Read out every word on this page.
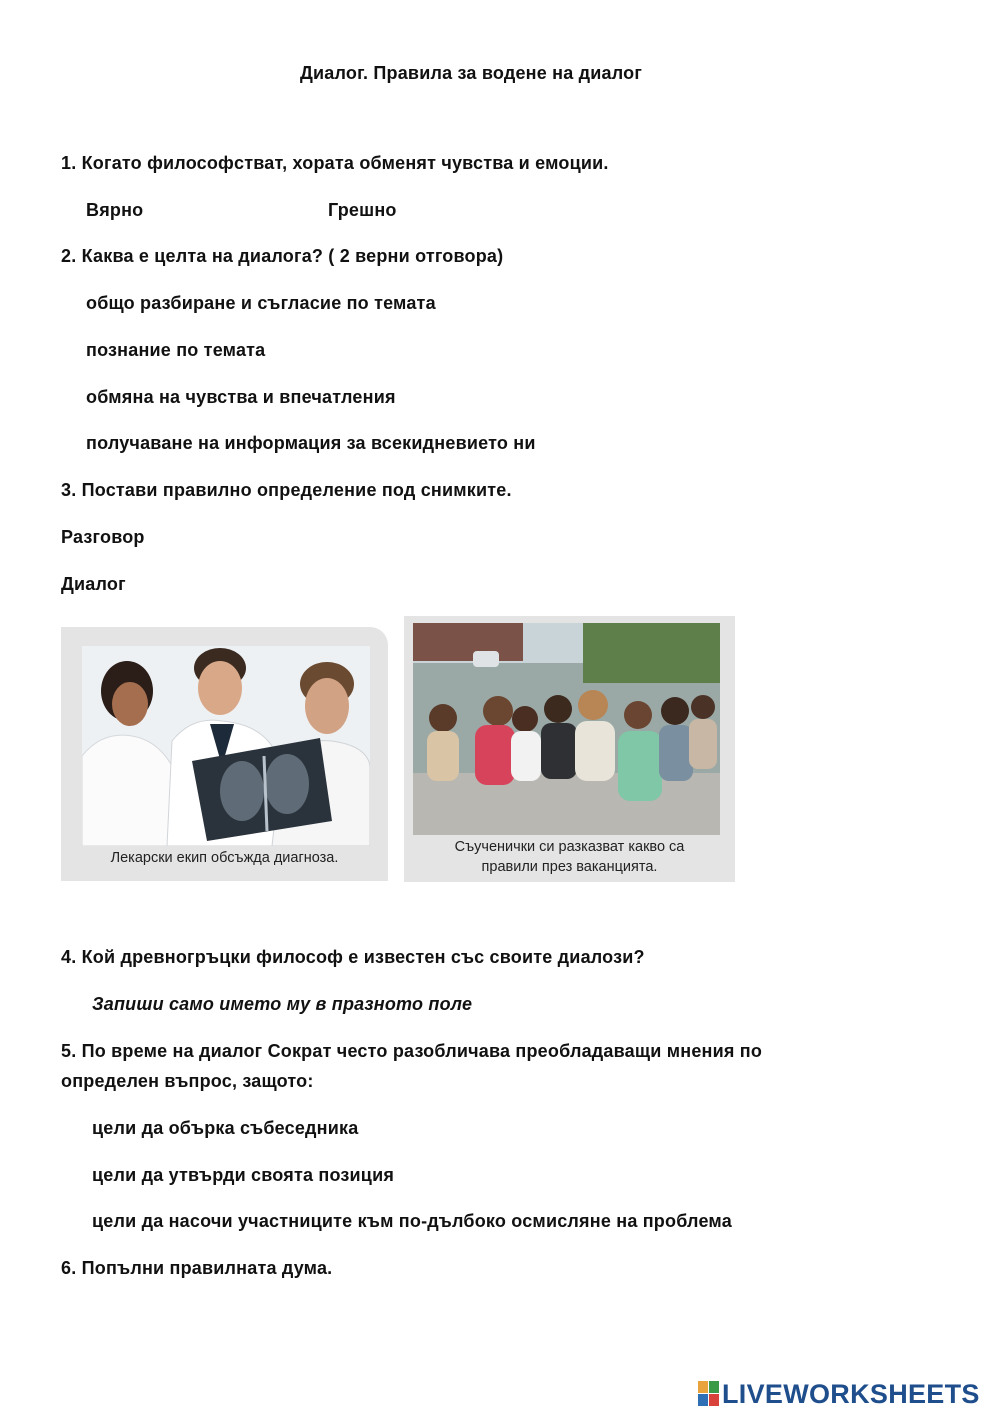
Диалог. Правила за водене на диалог
1. Когато философстват, хората обменят чувства и емоции.
Вярно	Грешно
2. Каква е целта на диалога? ( 2 верни отговора)
общо разбиране и съгласие по темата
познание по темата
обмяна на чувства и впечатления
получаване на информация за всекидневието ни
3. Постави правилно определение под снимките.
Разговор
Диалог
Лекарски екип обсъжда диагноза.
Съученички си разказват какво са
правили през ваканцията.
4. Кой древногръцки философ е известен със своите диалози?
Запиши само името му в празното поле
5. По време на диалог Сократ често разобличава преобладаващи мнения по
определен въпрос, защото:
цели да обърка събеседника
цели да утвърди своята позиция
цели да насочи участниците към по-дълбоко осмисляне на проблема
6. Попълни правилната дума.
LIVEWORKSHEETS
